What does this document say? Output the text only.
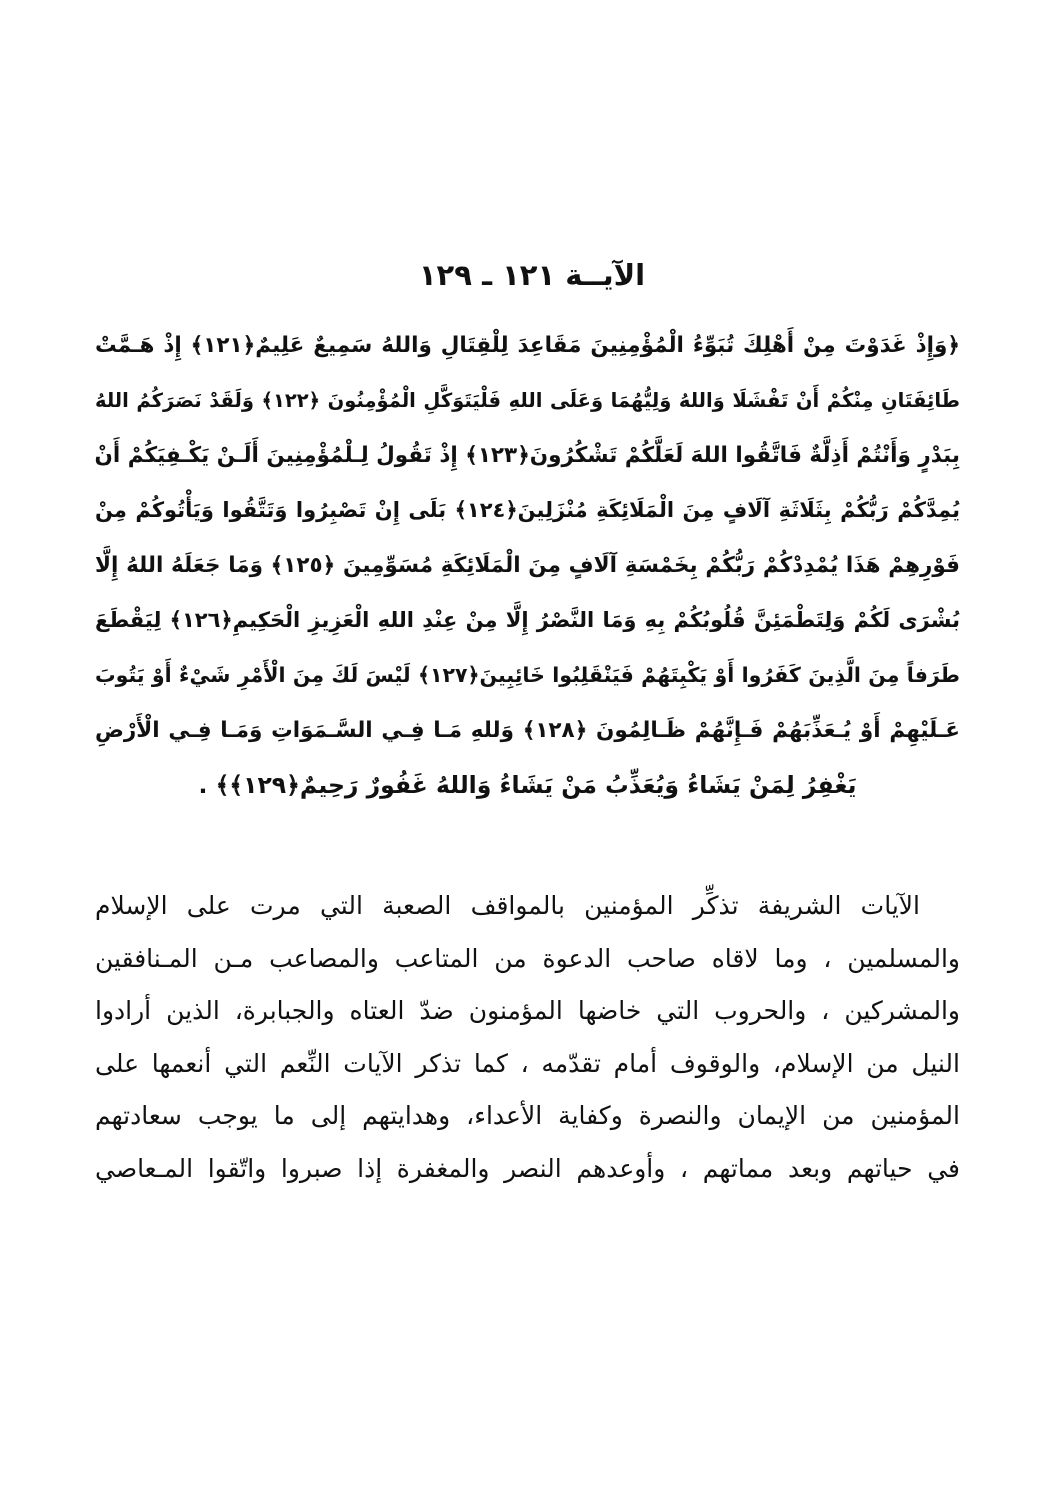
الآيــة ١٢١ ـ ١٢٩
﴿وَإِذْ غَدَوْتَ مِنْ أَهْلِكَ تُبَوِّءُ الْمُؤْمِنِينَ مَقَاعِدَ لِلْقِتَالِ وَاللهُ سَمِيعٌ عَلِيمٌ﴿١٢١﴾ إِذْ هَـمَّتْ
طَائِفَتَانِ مِنْكُمْ أَنْ تَفْشَلَا وَاللهُ وَلِيُّهُمَا وَعَلَى اللهِ فَلْيَتَوَكَّلِ الْمُؤْمِنُونَ ﴿١٢٢﴾ وَلَقَدْ نَصَرَكُمُ اللهُ
بِبَدْرٍ وَأَنْتُمْ أَذِلَّةٌ فَاتَّقُوا اللهَ لَعَلَّكُمْ تَشْكُرُونَ﴿١٢٣﴾ إِذْ تَقُولُ لِـلْمُؤْمِنِينَ أَلَـنْ يَكْـفِيَكُمْ أَنْ
يُمِدَّكُمْ رَبُّكُمْ بِثَلَاثَةِ آلَافٍ مِنَ الْمَلَائِكَةِ مُنْزَلِينَ﴿١٢٤﴾ بَلَى إِنْ تَصْبِرُوا وَتَتَّقُوا وَيَأْتُوكُمْ مِنْ
فَوْرِهِمْ هَذَا يُمْدِدْكُمْ رَبُّكُمْ بِخَمْسَةِ آلَافٍ مِنَ الْمَلَائِكَةِ مُسَوِّمِينَ ﴿١٢٥﴾ وَمَا جَعَلَهُ اللهُ إِلَّا
بُشْرَى لَكُمْ وَلِتَطْمَئِنَّ قُلُوبُكُمْ بِهِ وَمَا النَّصْرُ إِلَّا مِنْ عِنْدِ اللهِ الْعَزِيزِ الْحَكِيمِ﴿١٢٦﴾ لِيَقْطَعَ
طَرَفاً مِنَ الَّذِينَ كَفَرُوا أَوْ يَكْبِتَهُمْ فَيَنْقَلِبُوا خَائِبِينَ﴿١٢٧﴾ لَيْسَ لَكَ مِنَ الْأَمْرِ شَيْءٌ أَوْ يَتُوبَ
عَـلَيْهِمْ أَوْ يُـعَذِّبَهُمْ فَـإِنَّهُمْ ظَـالِمُونَ ﴿١٢٨﴾ وَللهِ مَـا فِـي السَّـمَوَاتِ وَمَـا فِـي الْأَرْضِ
يَغْفِرُ لِمَنْ يَشَاءُ وَيُعَذِّبُ مَنْ يَشَاءُ وَاللهُ غَفُورٌ رَحِيمٌ﴿١٢٩﴾﴾ .
الآيات الشريفة تذكِّر المؤمنين بالمواقف الصعبة التي مرت على الإسلام
والمسلمين ، وما لاقاه صاحب الدعوة من المتاعب والمصاعب مـن المـنافقين
والمشركين ، والحروب التي خاضها المؤمنون ضدّ العتاه والجبابرة، الذين أرادوا
النيل من الإسلام، والوقوف أمام تقدّمه ، كما تذكر الآيات النِّعم التي أنعمها على
المؤمنين من الإيمان والنصرة وكفاية الأعداء، وهدايتهم إلى ما يوجب سعادتهم
في حياتهم وبعد مماتهم ، وأوعدهم النصر والمغفرة إذا صبروا واتّقوا المـعاصي
